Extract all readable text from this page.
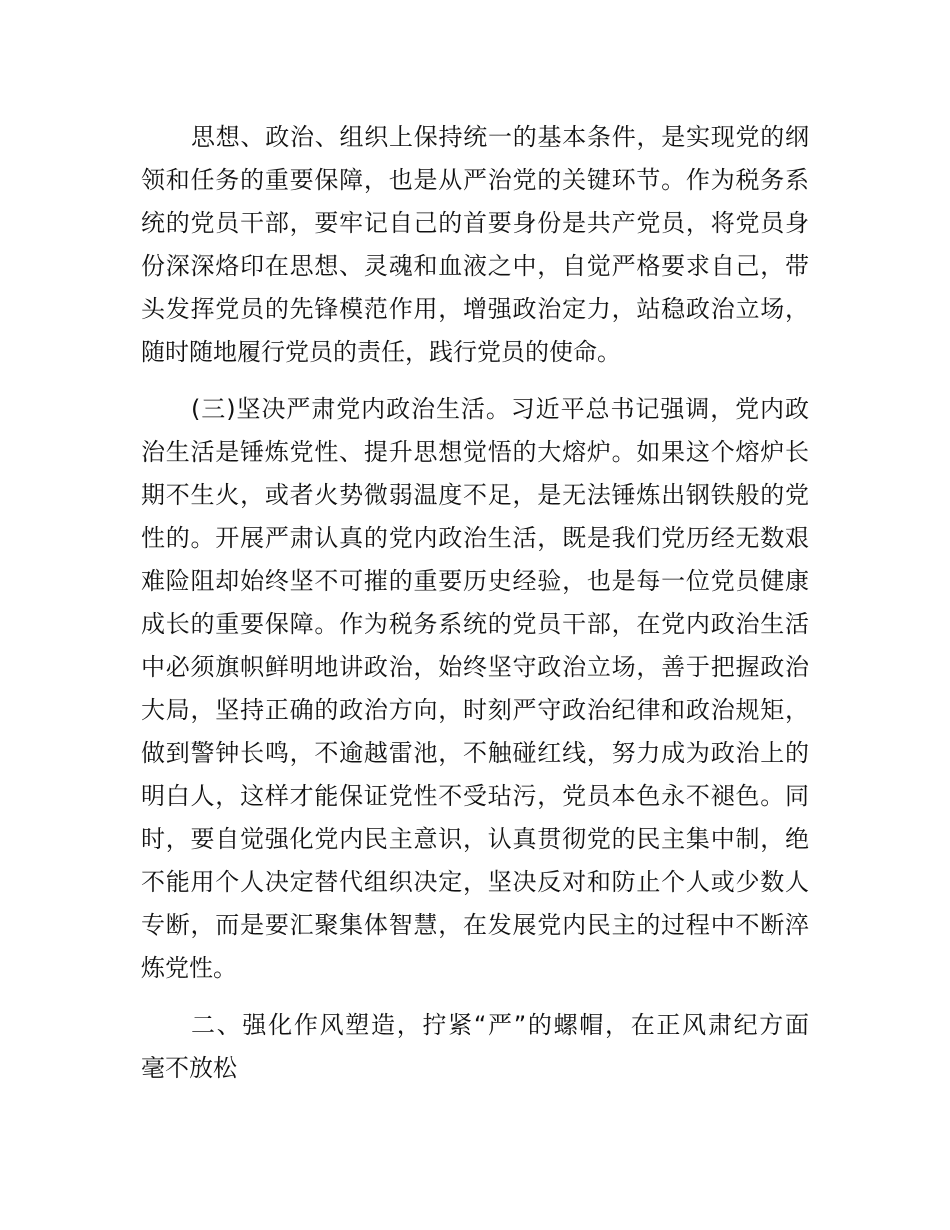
思想、政治、组织上保持统一的基本条件，是实现党的纲
领和任务的重要保障，也是从严治党的关键环节。作为税务系
统的党员干部，要牢记自己的首要身份是共产党员，将党员身
份深深烙印在思想、灵魂和血液之中，自觉严格要求自己，带
头发挥党员的先锋模范作用，增强政治定力，站稳政治立场，
随时随地履行党员的责任，践行党员的使命。
(三)坚决严肃党内政治生活。习近平总书记强调，党内政
治生活是锤炼党性、提升思想觉悟的大熔炉。如果这个熔炉长
期不生火，或者火势微弱温度不足，是无法锤炼出钢铁般的党
性的。开展严肃认真的党内政治生活，既是我们党历经无数艰
难险阻却始终坚不可摧的重要历史经验，也是每一位党员健康
成长的重要保障。作为税务系统的党员干部，在党内政治生活
中必须旗帜鲜明地讲政治，始终坚守政治立场，善于把握政治
大局，坚持正确的政治方向，时刻严守政治纪律和政治规矩，
做到警钟长鸣，不逾越雷池，不触碰红线，努力成为政治上的
明白人，这样才能保证党性不受玷污，党员本色永不褪色。同
时，要自觉强化党内民主意识，认真贯彻党的民主集中制，绝
不能用个人决定替代组织决定，坚决反对和防止个人或少数人
专断，而是要汇聚集体智慧，在发展党内民主的过程中不断淬
炼党性。
二、强化作风塑造，拧紧“严”的螺帽，在正风肃纪方面
毫不放松
